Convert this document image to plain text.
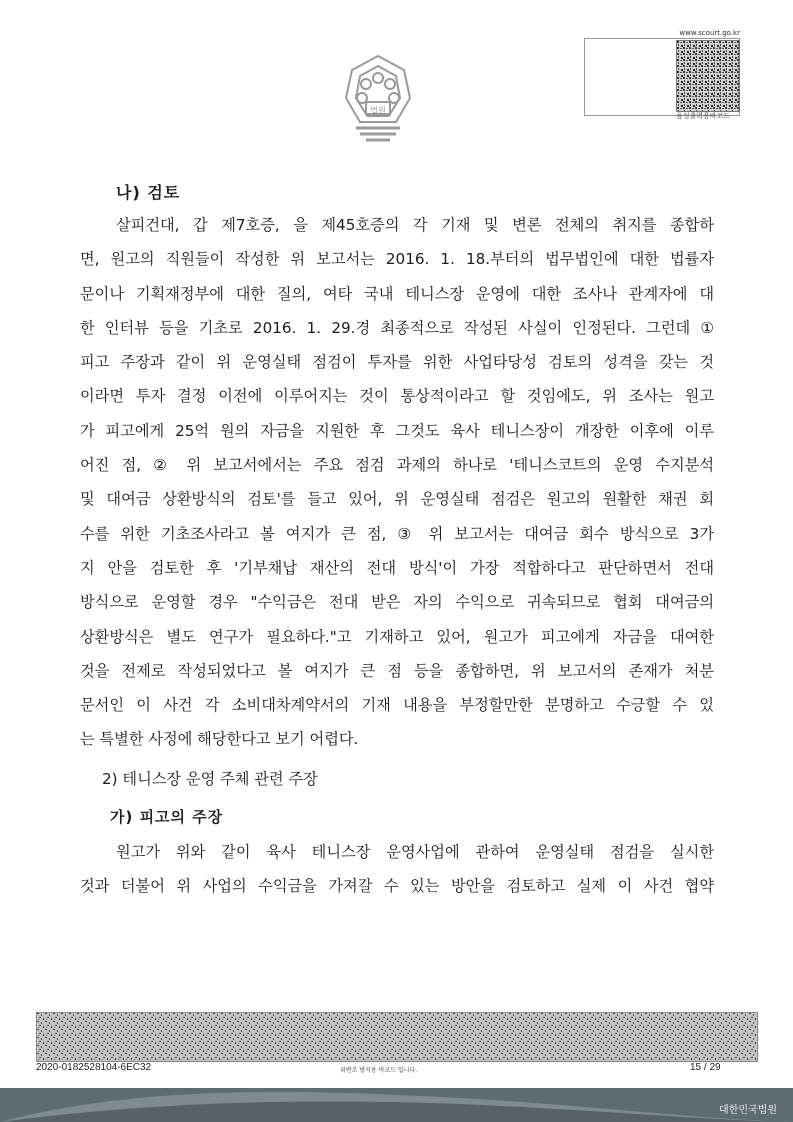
법원
www.scourt.go.kr
음성출력용바코드
나) 검토

살피건대, 갑 제7호증, 을 제45호증의 각 기재 및 변론 전체의 취지를 종합하
면, 원고의 직원들이 작성한 위 보고서는 2016. 1. 18.부터의 법무법인에 대한 법률자
문이나 기획재정부에 대한 질의, 여타 국내 테니스장 운영에 대한 조사나 관계자에 대
한 인터뷰 등을 기초로 2016. 1. 29.경 최종적으로 작성된 사실이 인정된다. 그런데 ①
피고 주장과 같이 위 운영실태 점검이 투자를 위한 사업타당성 검토의 성격을 갖는 것
이라면 투자 결정 이전에 이루어지는 것이 통상적이라고 할 것임에도, 위 조사는 원고
가 피고에게 25억 원의 자금을 지원한 후 그것도 육사 테니스장이 개장한 이후에 이루
어진 점, ② 위 보고서에서는 주요 점검 과제의 하나로 '테니스코트의 운영 수지분석
및 대여금 상환방식의 검토'를 들고 있어, 위 운영실태 점검은 원고의 원활한 채권 회
수를 위한 기초조사라고 볼 여지가 큰 점, ③ 위 보고서는 대여금 회수 방식으로 3가
지 안을 검토한 후 '기부채납 재산의 전대 방식'이 가장 적합하다고 판단하면서 전대
방식으로 운영할 경우 "수익금은 전대 받은 자의 수익으로 귀속되므로 협회 대여금의
상환방식은 별도 연구가 필요하다."고 기재하고 있어, 원고가 피고에게 자금을 대여한
것을 전제로 작성되었다고 볼 여지가 큰 점 등을 종합하면, 위 보고서의 존재가 처분
문서인 이 사건 각 소비대차계약서의 기재 내용을 부정할만한 분명하고 수긍할 수 있
는 특별한 사정에 해당한다고 보기 어렵다.

2) 테니스장 운영 주체 관련 주장
가) 피고의 주장

원고가 위와 같이 육사 테니스장 운영사업에 관하여 운영실태 점검을 실시한
것과 더불어 위 사업의 수익금을 가져갈 수 있는 방안을 검토하고 실제 이 사건 협약

2020-0182528104-6EC32	위변조 방지용 바코드 입니다.	15 / 29
대한민국법원
